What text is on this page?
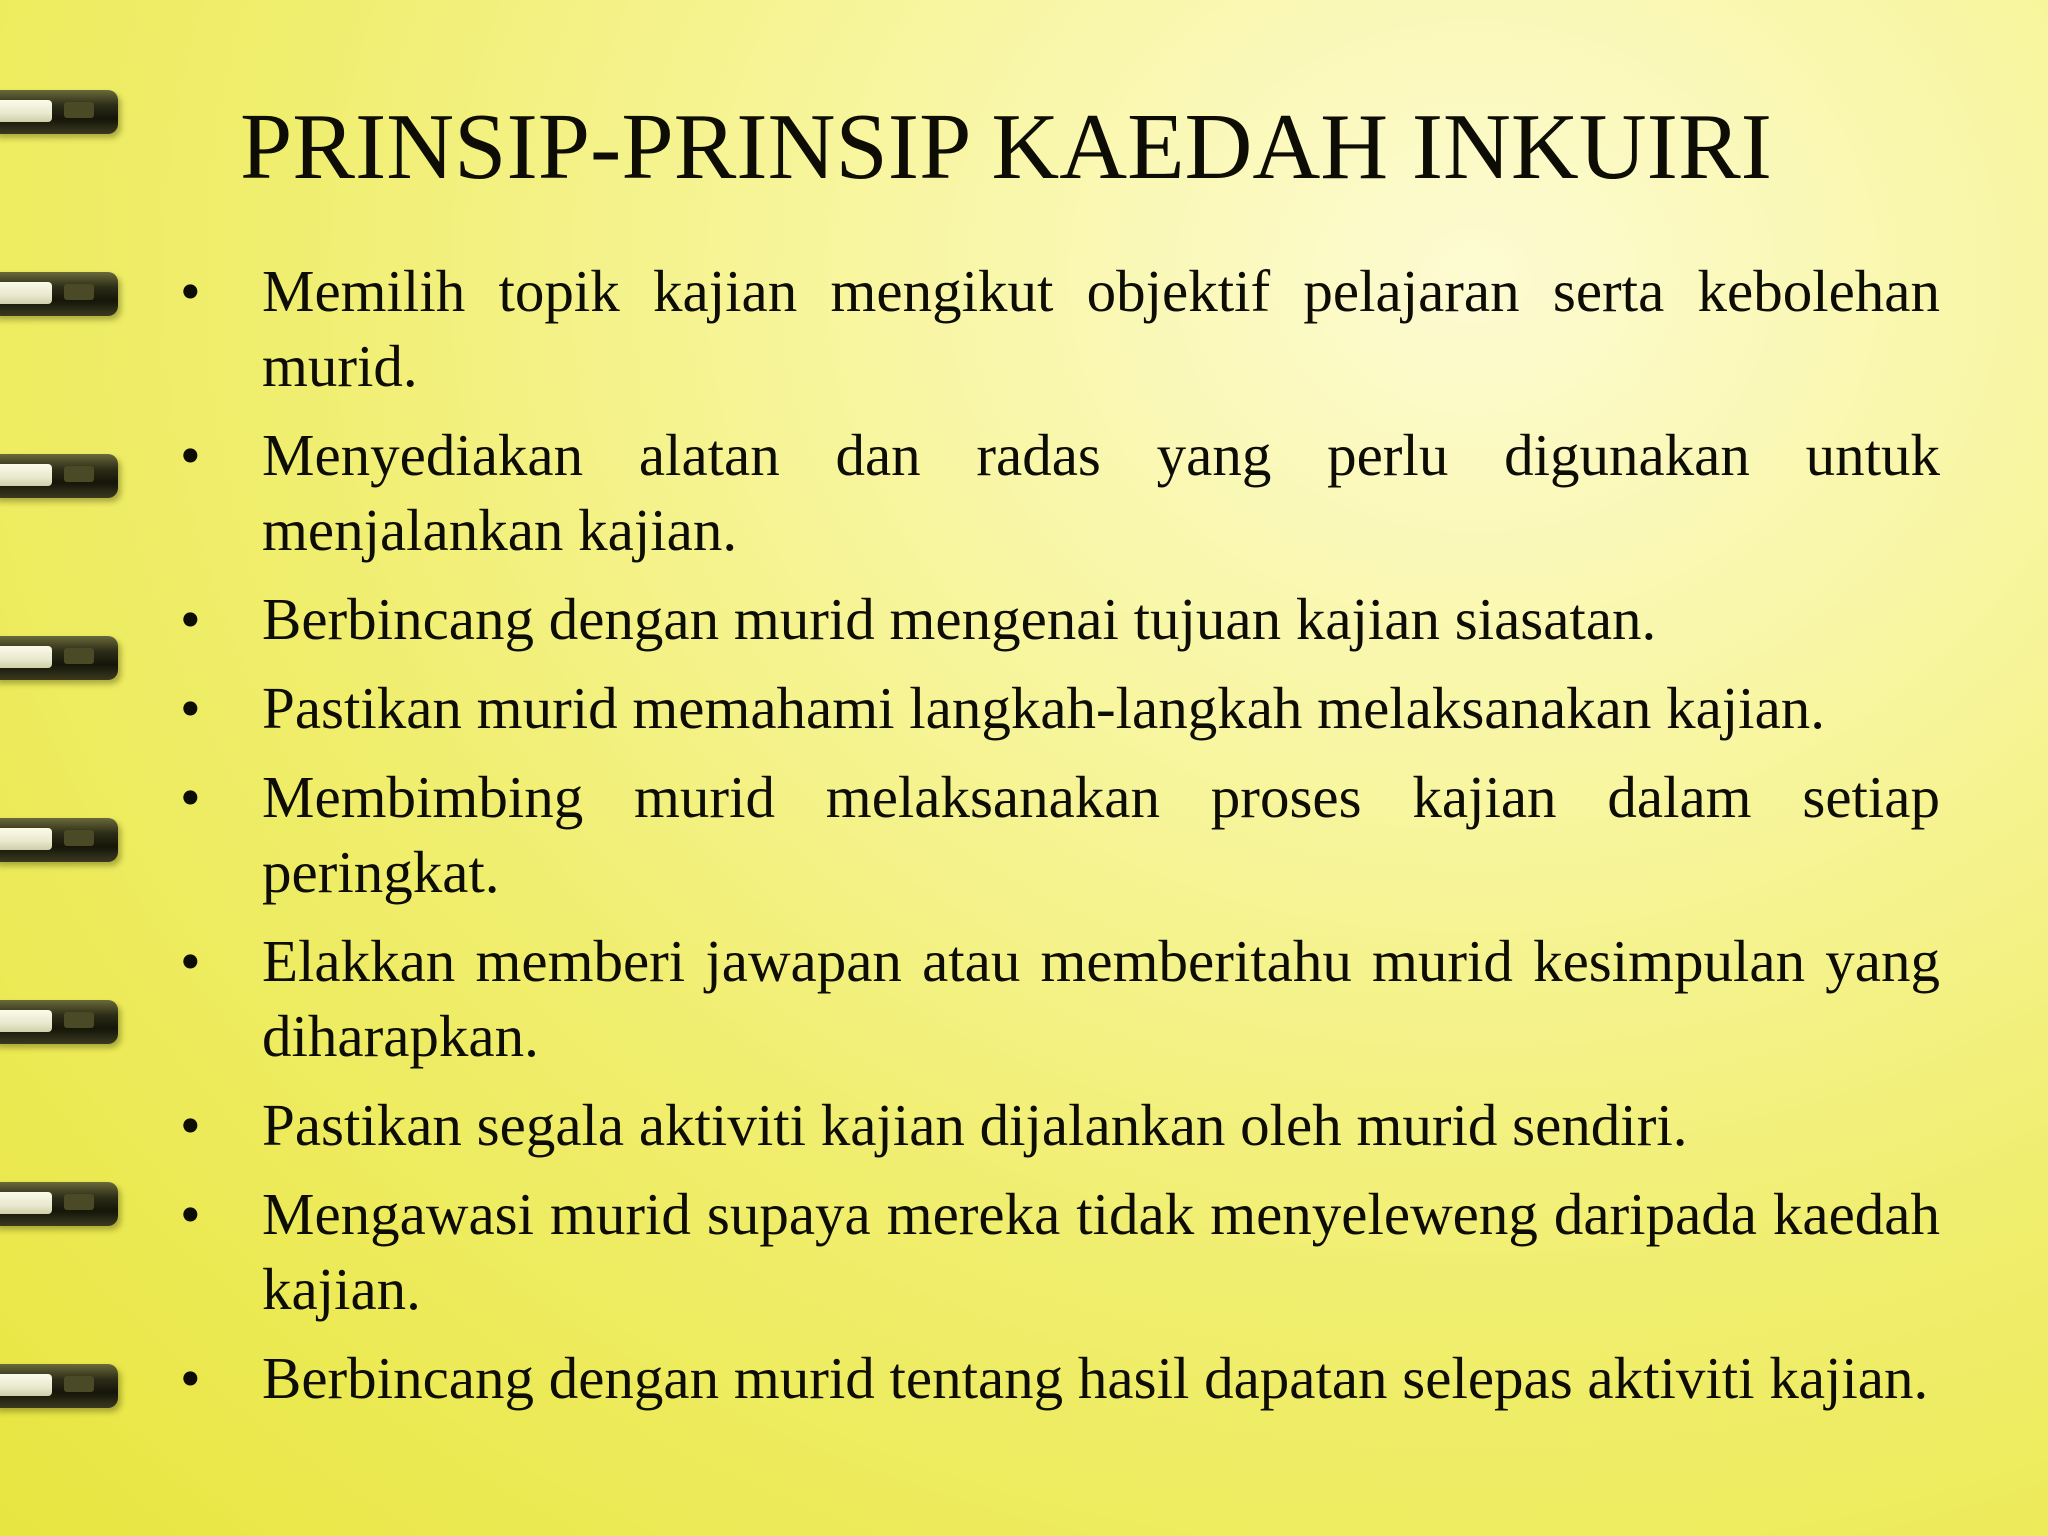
PRINSIP-PRINSIP KAEDAH INKUIRI
•	Memilih topik kajian mengikut objektif pelajaran serta kebolehan murid.
•	Menyediakan alatan dan radas yang perlu digunakan untuk menjalankan kajian.
•	Berbincang dengan murid mengenai tujuan kajian siasatan.
•	Pastikan murid memahami langkah-langkah melaksanakan kajian.
•	Membimbing murid melaksanakan proses kajian dalam setiap peringkat.
•	Elakkan memberi jawapan atau memberitahu murid kesimpulan yang diharapkan.
•	Pastikan segala aktiviti kajian dijalankan oleh murid sendiri.
•	Mengawasi murid supaya mereka tidak menyeleweng daripada kaedah kajian.
•	Berbincang dengan murid tentang hasil dapatan selepas aktiviti kajian.
